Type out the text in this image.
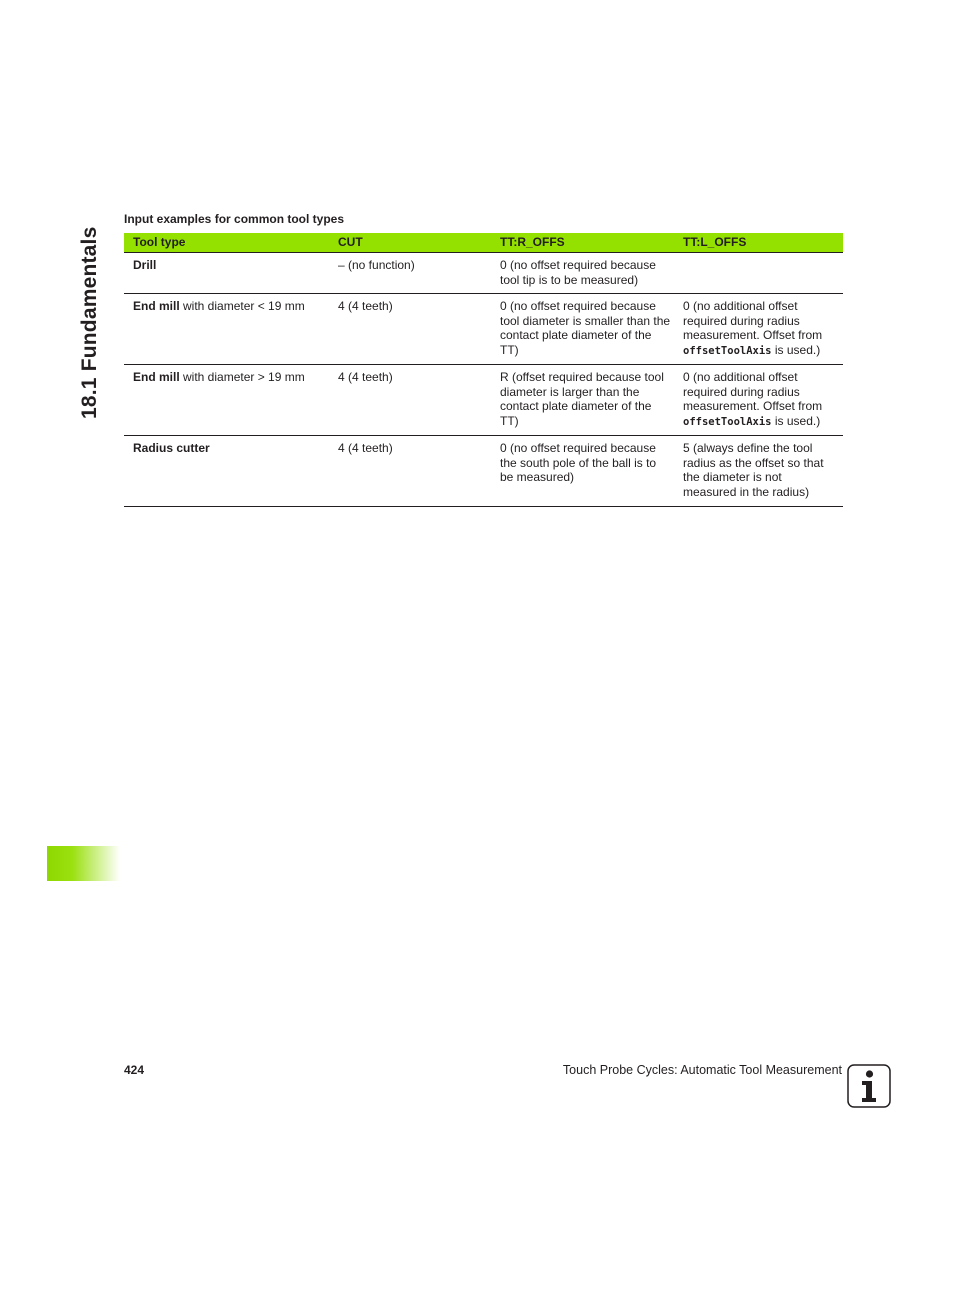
18.1 Fundamentals
Input examples for common tool types
Tool type	CUT	TT:R_OFFS	TT:L_OFFS
Drill	– (no function)	0 (no offset required because tool tip is to be measured)	
End mill with diameter < 19 mm	4 (4 teeth)	0 (no offset required because tool diameter is smaller than the contact plate diameter of the TT)	0 (no additional offset required during radius measurement. Offset from offsetToolAxis is used.)
End mill with diameter > 19 mm	4 (4 teeth)	R (offset required because tool diameter is larger than the contact plate diameter of the TT)	0 (no additional offset required during radius measurement. Offset from offsetToolAxis is used.)
Radius cutter	4 (4 teeth)	0 (no offset required because the south pole of the ball is to be measured)	5 (always define the tool radius as the offset so that the diameter is not measured in the radius)
424	Touch Probe Cycles: Automatic Tool Measurement
